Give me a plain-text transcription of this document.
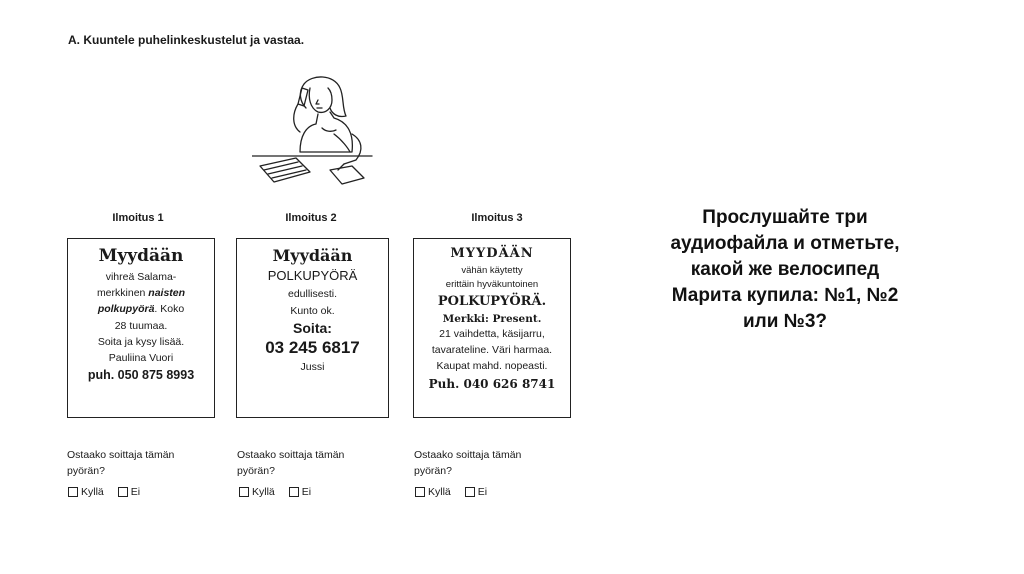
A. Kuuntele puhelinkeskustelut ja vastaa.
Ilmoitus 1
Myydään
vihreä Salama-
merkkinen naisten
polkupyörä. Koko
28 tuumaa.
Soita ja kysy lisää.
Pauliina Vuori
puh. 050 875 8993
Ilmoitus 2
Myydään
POLKUPYÖRÄ
edullisesti.
Kunto ok.
Soita:
03 245 6817
Jussi
Ilmoitus 3
MYYDÄÄN
vähän käytetty
erittäin hyväkuntoinen
POLKUPYÖRÄ.
Merkki: Present.
21 vaihdetta, käsijarru,
tavarateline. Väri harmaa.
Kaupat mahd. nopeasti.
Puh. 040 626 8741
Ostaako soittaja tämän
pyörän?
Kyllä	Ei
Ostaako soittaja tämän
pyörän?
Kyllä	Ei
Ostaako soittaja tämän
pyörän?
Kyllä	Ei
Прослушайте три аудиофайла и отметьте, какой же велосипед Марита купила: №1, №2 или №3?
